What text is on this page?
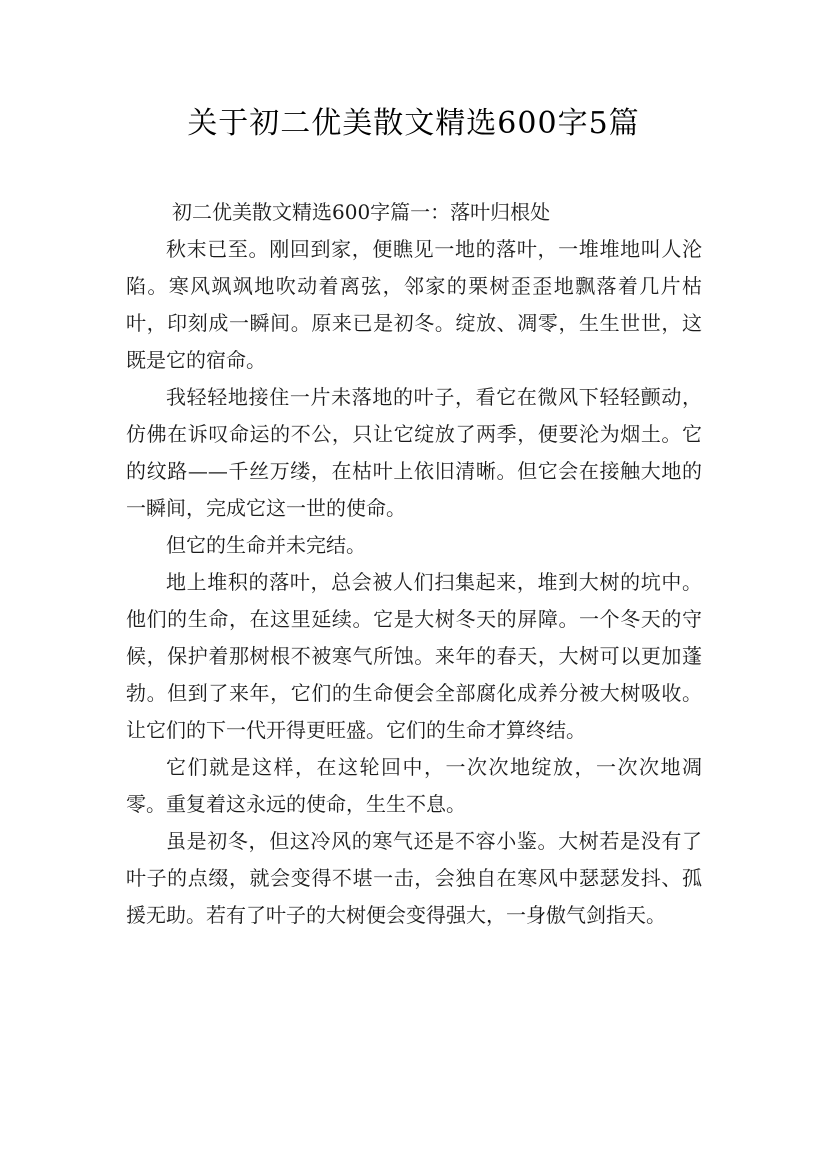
关于初二优美散文精选600字5篇

初二优美散文精选600字篇一：落叶归根处

秋末已至。刚回到家，便瞧见一地的落叶，一堆堆地叫人沦陷。寒风飒飒地吹动着离弦，邻家的栗树歪歪地飘落着几片枯叶，印刻成一瞬间。原来已是初冬。绽放、凋零，生生世世，这既是它的宿命。

我轻轻地接住一片未落地的叶子，看它在微风下轻轻颤动，仿佛在诉叹命运的不公，只让它绽放了两季，便要沦为烟土。它的纹路——千丝万缕，在枯叶上依旧清晰。但它会在接触大地的一瞬间，完成它这一世的使命。

但它的生命并未完结。

地上堆积的落叶，总会被人们扫集起来，堆到大树的坑中。他们的生命，在这里延续。它是大树冬天的屏障。一个冬天的守候，保护着那树根不被寒气所蚀。来年的春天，大树可以更加蓬勃。但到了来年，它们的生命便会全部腐化成养分被大树吸收。让它们的下一代开得更旺盛。它们的生命才算终结。

它们就是这样，在这轮回中，一次次地绽放，一次次地凋零。重复着这永远的使命，生生不息。

虽是初冬，但这冷风的寒气还是不容小鉴。大树若是没有了叶子的点缀，就会变得不堪一击，会独自在寒风中瑟瑟发抖、孤援无助。若有了叶子的大树便会变得强大，一身傲气剑指天。
